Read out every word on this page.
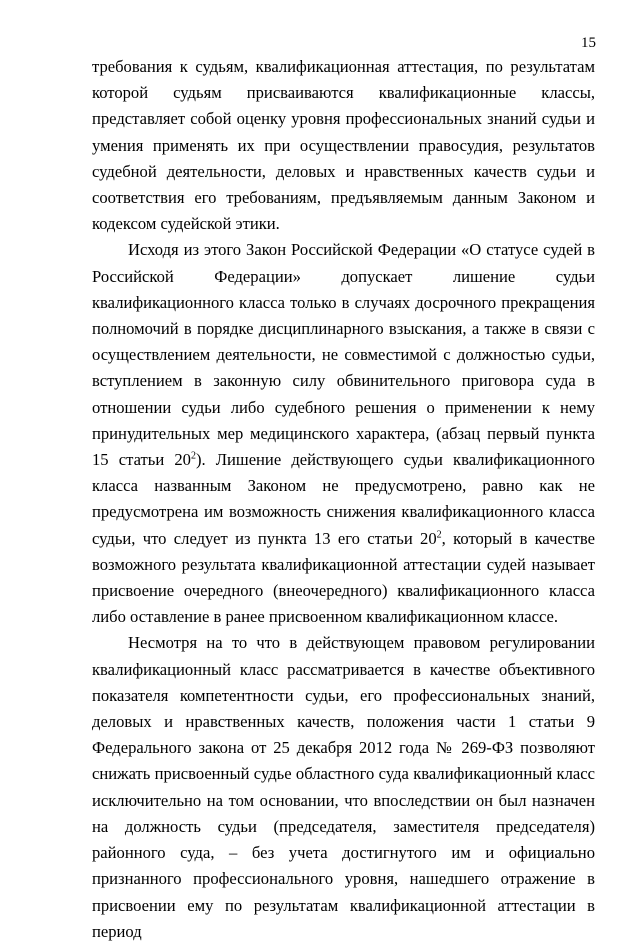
15

требования к судьям, квалификационная аттестация, по результатам которой судьям присваиваются квалификационные классы, представляет собой оценку уровня профессиональных знаний судьи и умения применять их при осуществлении правосудия, результатов судебной деятельности, деловых и нравственных качеств судьи и соответствия его требованиям, предъявляемым данным Законом и кодексом судейской этики.

Исходя из этого Закон Российской Федерации «О статусе судей в Российской Федерации» допускает лишение судьи квалификационного класса только в случаях досрочного прекращения полномочий в порядке дисциплинарного взыскания, а также в связи с осуществлением деятельности, не совместимой с должностью судьи, вступлением в законную силу обвинительного приговора суда в отношении судьи либо судебного решения о применении к нему принудительных мер медицинского характера, (абзац первый пункта 15 статьи $20^2$). Лишение действующего судьи квалификационного класса названным Законом не предусмотрено, равно как не предусмотрена им возможность снижения квалификационного класса судьи, что следует из пункта 13 его статьи $20^2$, который в качестве возможного результата квалификационной аттестации судей называет присвоение очередного (внеочередного) квалификационного класса либо оставление в ранее присвоенном квалификационном классе.

Несмотря на то что в действующем правовом регулировании квалификационный класс рассматривается в качестве объективного показателя компетентности судьи, его профессиональных знаний, деловых и нравственных качеств, положения части 1 статьи 9 Федерального закона от 25 декабря 2012 года № 269-ФЗ позволяют снижать присвоенный судье областного суда квалификационный класс исключительно на том основании, что впоследствии он был назначен на должность судьи (председателя, заместителя председателя) районного суда, – без учета достигнутого им и официально признанного профессионального уровня, нашедшего отражение в присвоении ему по результатам квалификационной аттестации в период
